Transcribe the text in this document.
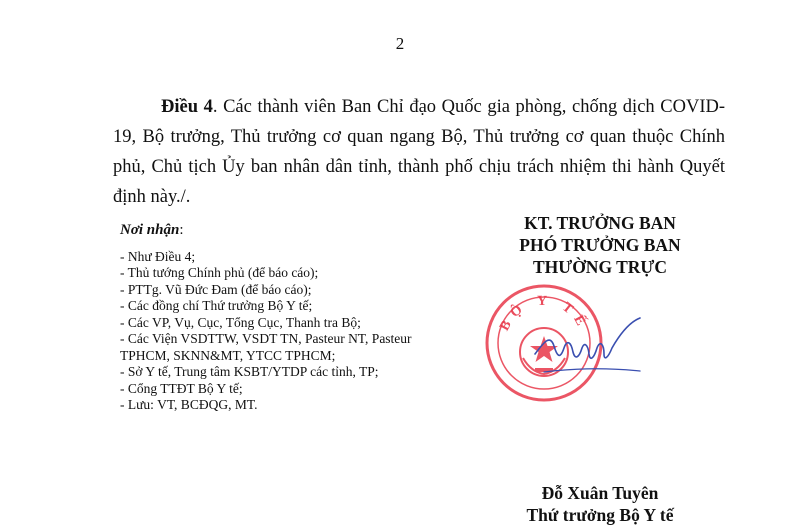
2
Điều 4. Các thành viên Ban Chỉ đạo Quốc gia phòng, chống dịch COVID-19, Bộ trưởng, Thủ trưởng cơ quan ngang Bộ, Thủ trưởng cơ quan thuộc Chính phủ, Chủ tịch Ủy ban nhân dân tỉnh, thành phố chịu trách nhiệm thi hành Quyết định này./.
Nơi nhận:
- Như Điều 4;
- Thủ tướng Chính phủ (để báo cáo);
- PTTg. Vũ Đức Đam (để báo cáo);
- Các đồng chí Thứ trưởng Bộ Y tế;
- Các VP, Vụ, Cục, Tổng Cục, Thanh tra Bộ;
- Các Viện VSDTTW, VSDT TN, Pasteur NT, Pasteur TPHCM, SKNN&MT, YTCC TPHCM;
- Sở Y tế, Trung tâm KSBT/YTDP các tỉnh, TP;
- Cổng TTĐT Bộ Y tế;
- Lưu: VT, BCĐQG, MT.
KT. TRƯỞNG BAN
PHÓ TRƯỞNG BAN
THƯỜNG TRỰC
BỘ Y TẾ
Đỗ Xuân Tuyên
Thứ trưởng Bộ Y tế
